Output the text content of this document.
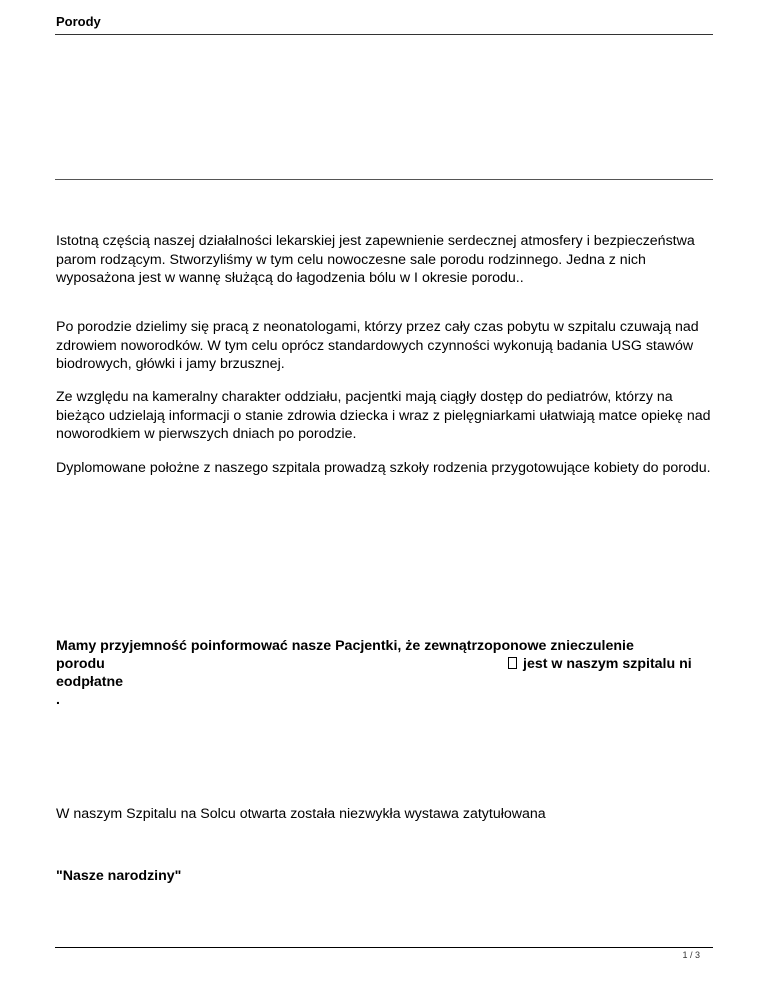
Porody

Istotną częścią naszej działalności lekarskiej jest zapewnienie serdecznej atmosfery i bezpieczeństwa parom rodzącym. Stworzyliśmy w tym celu nowoczesne sale porodu rodzinnego. Jedna z nich wyposażona jest w wannę służącą do łagodzenia bólu w I okresie porodu..

Po porodzie dzielimy się pracą z neonatologami, którzy przez cały czas pobytu w szpitalu czuwają nad zdrowiem noworodków. W tym celu oprócz standardowych czynności wykonują badania USG stawów biodrowych, główki i jamy brzusznej.

Ze względu na kameralny charakter oddziału, pacjentki mają ciągły dostęp do pediatrów, którzy na bieżąco udzielają informacji o stanie zdrowia dziecka i wraz z pielęgniarkami ułatwiają matce opiekę nad noworodkiem w pierwszych dniach po porodzie.

Dyplomowane położne z naszego szpitala prowadzą szkoły rodzenia przygotowujące kobiety do porodu.

Mamy przyjemność poinformować nasze Pacjentki, że zewnątrzoponowe znieczulenie
porodu	jest w naszym szpitalu ni
eodpłatne
.
W naszym Szpitalu na Solcu otwarta została niezwykła wystawa zatytułowana
"Nasze narodziny"
1 / 3
